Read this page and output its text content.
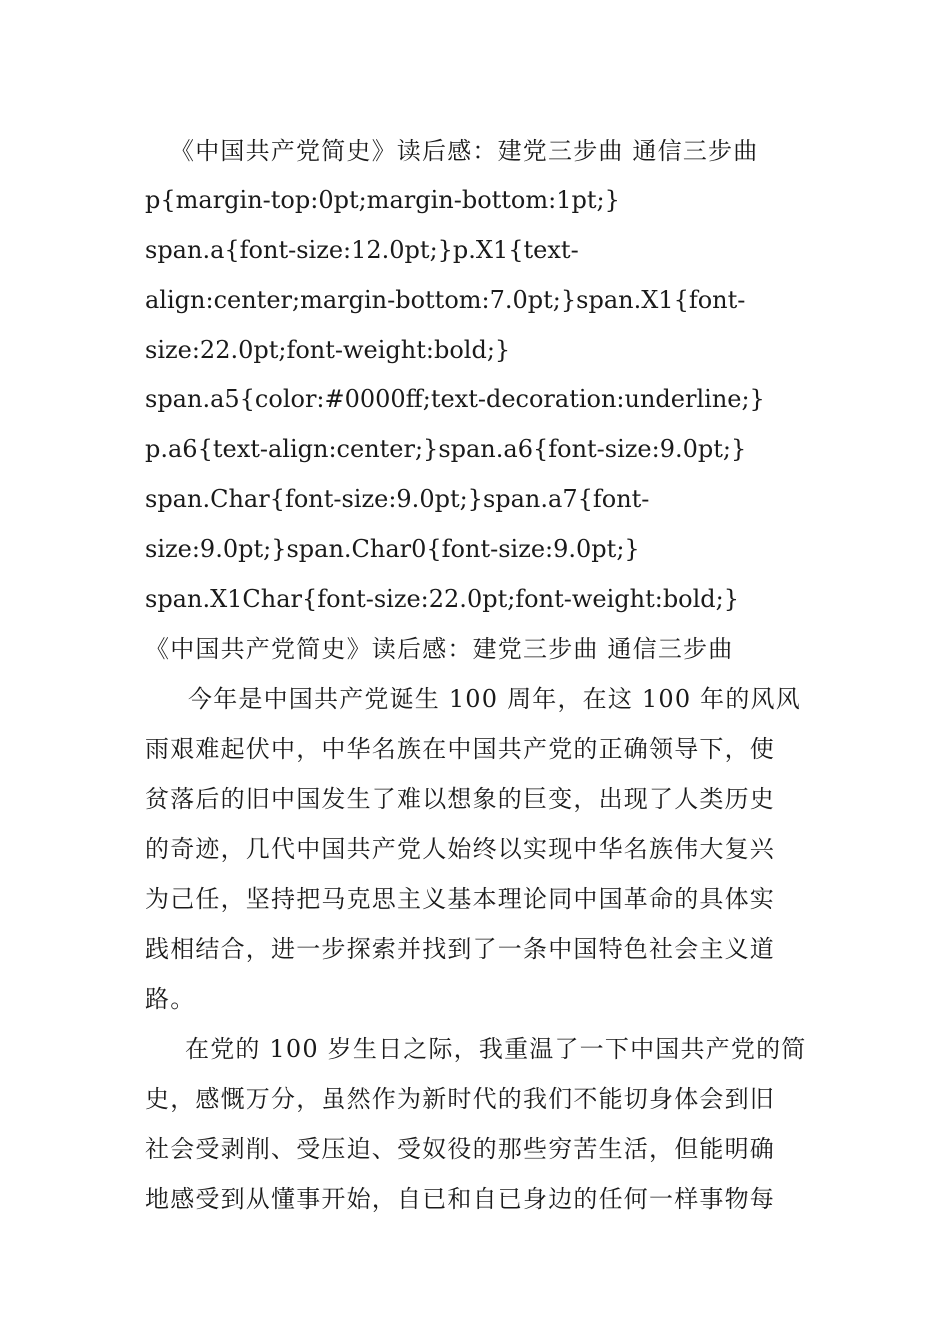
《中国共产党简史》读后感：建党三步曲 通信三步曲
p{margin-top:0pt;margin-bottom:1pt;}
span.a{font-size:12.0pt;}p.X1{text-
align:center;margin-bottom:7.0pt;}span.X1{font-
size:22.0pt;font-weight:bold;}
span.a5{color:#0000ff;text-decoration:underline;}
p.a6{text-align:center;}span.a6{font-size:9.0pt;}
span.Char{font-size:9.0pt;}span.a7{font-
size:9.0pt;}span.Char0{font-size:9.0pt;}
span.X1Char{font-size:22.0pt;font-weight:bold;}
《中国共产党简史》读后感：建党三步曲 通信三步曲
今年是中国共产党诞生 100 周年，在这 100 年的风风
雨艰难起伏中，中华名族在中国共产党的正确领导下，使
贫落后的旧中国发生了难以想象的巨变，出现了人类历史
的奇迹，几代中国共产党人始终以实现中华名族伟大复兴
为己任，坚持把马克思主义基本理论同中国革命的具体实
践相结合，进一步探索并找到了一条中国特色社会主义道
路。
在党的 100 岁生日之际，我重温了一下中国共产党的简
史，感慨万分，虽然作为新时代的我们不能切身体会到旧
社会受剥削、受压迫、受奴役的那些穷苦生活，但能明确
地感受到从懂事开始，自已和自已身边的任何一样事物每
